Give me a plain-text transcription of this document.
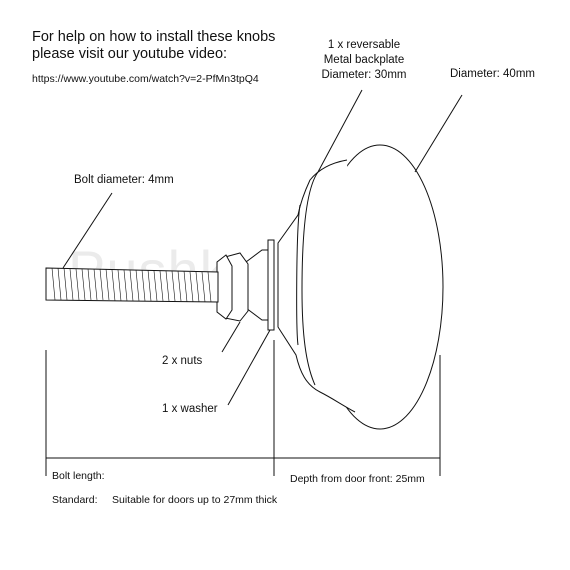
For help on how to install these knobs
please visit our youtube video:
https://www.youtube.com/watch?v=2-PfMn3tpQ4
1 x reversable
Metal backplate
Diameter: 30mm	Diameter: 40mm
Bolt diameter: 4mm
2 x nuts
1 x washer
Bolt length:	Depth from door front: 25mm
Standard: Suitable for doors up to 27mm thick
